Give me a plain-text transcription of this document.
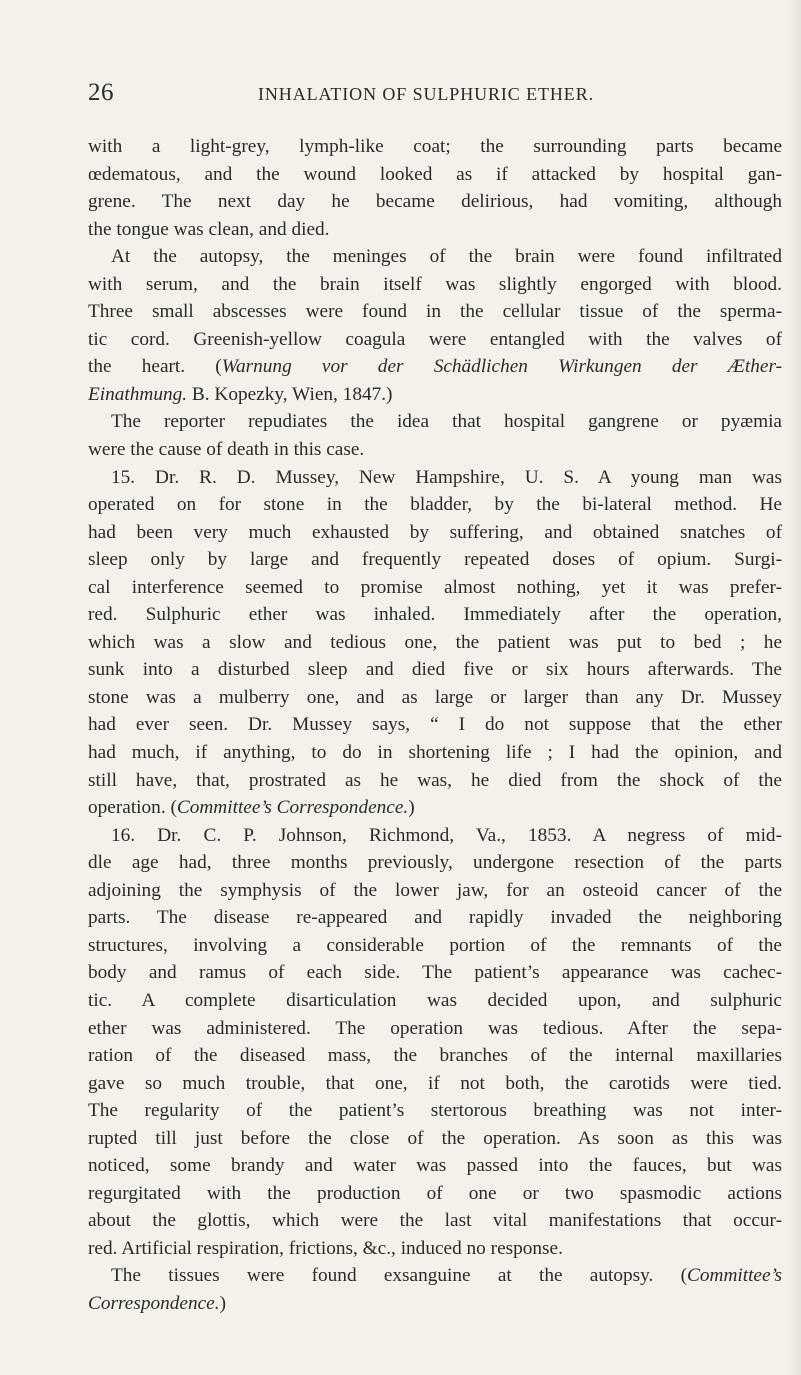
26	INHALATION OF SULPHURIC ETHER.
with a light-grey, lymph-like coat; the surrounding parts became
œdematous, and the wound looked as if attacked by hospital gan-
grene. The next day he became delirious, had vomiting, although
the tongue was clean, and died.
At the autopsy, the meninges of the brain were found infiltrated
with serum, and the brain itself was slightly engorged with blood.
Three small abscesses were found in the cellular tissue of the sperma-
tic cord. Greenish-yellow coagula were entangled with the valves of
the heart. (Warnung vor der Schädlichen Wirkungen der Æther-
Einathmung. B. Kopezky, Wien, 1847.)
The reporter repudiates the idea that hospital gangrene or pyæmia
were the cause of death in this case.
15. Dr. R. D. Mussey, New Hampshire, U. S. A young man was
operated on for stone in the bladder, by the bi-lateral method. He
had been very much exhausted by suffering, and obtained snatches of
sleep only by large and frequently repeated doses of opium. Surgi-
cal interference seemed to promise almost nothing, yet it was prefer-
red. Sulphuric ether was inhaled. Immediately after the operation,
which was a slow and tedious one, the patient was put to bed ; he
sunk into a disturbed sleep and died five or six hours afterwards. The
stone was a mulberry one, and as large or larger than any Dr. Mussey
had ever seen. Dr. Mussey says, “ I do not suppose that the ether
had much, if anything, to do in shortening life ; I had the opinion, and
still have, that, prostrated as he was, he died from the shock of the
operation. (Committee’s Correspondence.)
16. Dr. C. P. Johnson, Richmond, Va., 1853. A negress of mid-
dle age had, three months previously, undergone resection of the parts
adjoining the symphysis of the lower jaw, for an osteoid cancer of the
parts. The disease re-appeared and rapidly invaded the neighboring
structures, involving a considerable portion of the remnants of the
body and ramus of each side. The patient’s appearance was cachec-
tic. A complete disarticulation was decided upon, and sulphuric
ether was administered. The operation was tedious. After the sepa-
ration of the diseased mass, the branches of the internal maxillaries
gave so much trouble, that one, if not both, the carotids were tied.
The regularity of the patient’s stertorous breathing was not inter-
rupted till just before the close of the operation. As soon as this was
noticed, some brandy and water was passed into the fauces, but was
regurgitated with the production of one or two spasmodic actions
about the glottis, which were the last vital manifestations that occur-
red. Artificial respiration, frictions, &c., induced no response.
The tissues were found exsanguine at the autopsy. (Committee’s
Correspondence.)
